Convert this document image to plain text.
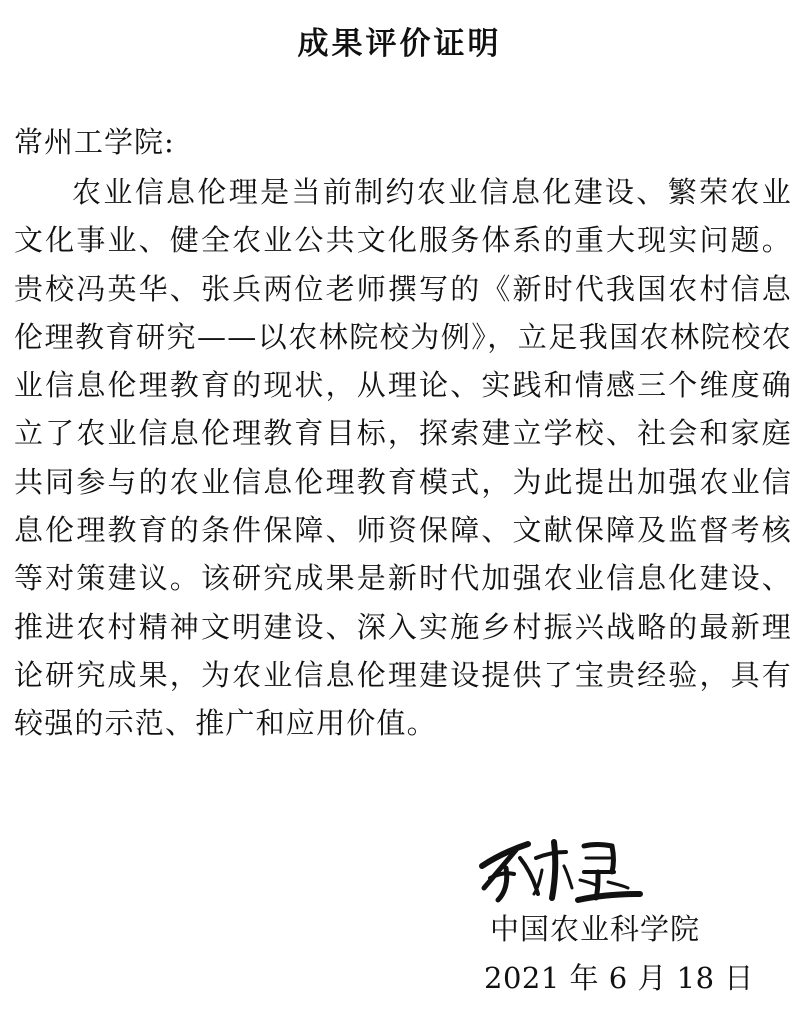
成果评价证明

常州工学院:

农业信息伦理是当前制约农业信息化建设、繁荣农业文化事业、健全农业公共文化服务体系的重大现实问题。贵校冯英华、张兵两位老师撰写的《新时代我国农村信息伦理教育研究——以农林院校为例》，立足我国农林院校农业信息伦理教育的现状，从理论、实践和情感三个维度确立了农业信息伦理教育目标，探索建立学校、社会和家庭共同参与的农业信息伦理教育模式，为此提出加强农业信息伦理教育的条件保障、师资保障、文献保障及监督考核等对策建议。该研究成果是新时代加强农业信息化建设、推进农村精神文明建设、深入实施乡村振兴战略的最新理论研究成果，为农业信息伦理建设提供了宝贵经验，具有较强的示范、推广和应用价值。

中国农业科学院

2021 年 6 月 18 日
